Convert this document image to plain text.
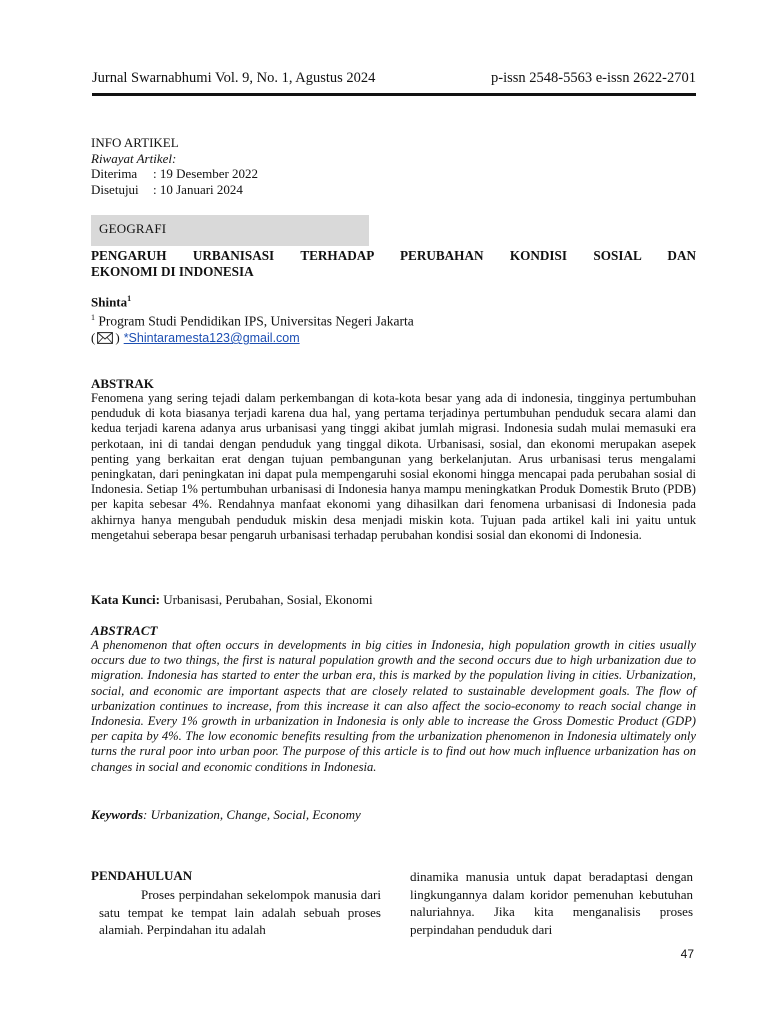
Jurnal Swarnabhumi Vol. 9, No. 1, Agustus 2024	p-issn 2548-5563 e-issn 2622-2701
INFO ARTIKEL
Riwayat Artikel:
Diterima : 19 Desember 2022
Disetujui : 10 Januari 2024
GEOGRAFI
PENGARUH URBANISASI TERHADAP PERUBAHAN KONDISI SOSIAL DAN
EKONOMI DI INDONESIA
Shinta$^1$
$^1$ Program Studi Pendidikan IPS, Universitas Negeri Jakarta
( ) *Shintaramesta123@gmail.com
ABSTRAK

Fenomena yang sering tejadi dalam perkembangan di kota-kota besar yang ada di indonesia, tingginya pertumbuhan penduduk di kota biasanya terjadi karena dua hal, yang pertama terjadinya pertumbuhan penduduk secara alami dan kedua terjadi karena adanya arus urbanisasi yang tinggi akibat jumlah migrasi. Indonesia sudah mulai memasuki era perkotaan, ini di tandai dengan penduduk yang tinggal dikota. Urbanisasi, sosial, dan ekonomi merupakan asepek penting yang berkaitan erat dengan tujuan pembangunan yang berkelanjutan. Arus urbanisasi terus mengalami peningkatan, dari peningkatan ini dapat pula mempengaruhi sosial ekonomi hingga mencapai pada perubahan sosial di Indonesia. Setiap 1% pertumbuhan urbanisasi di Indonesia hanya mampu meningkatkan Produk Domestik Bruto (PDB) per kapita sebesar 4%. Rendahnya manfaat ekonomi yang dihasilkan dari fenomena urbanisasi di Indonesia pada akhirnya hanya mengubah penduduk miskin desa menjadi miskin kota. Tujuan pada artikel kali ini yaitu untuk mengetahui seberapa besar pengaruh urbanisasi terhadap perubahan kondisi sosial dan ekonomi di Indonesia.

Kata Kunci: Urbanisasi, Perubahan, Sosial, Ekonomi
ABSTRACT

A phenomenon that often occurs in developments in big cities in Indonesia, high population growth in cities usually occurs due to two things, the first is natural population growth and the second occurs due to high urbanization due to migration. Indonesia has started to enter the urban era, this is marked by the population living in cities. Urbanization, social, and economic are important aspects that are closely related to sustainable development goals. The flow of urbanization continues to increase, from this increase it can also affect the socio-economy to reach social change in Indonesia. Every 1% growth in urbanization in Indonesia is only able to increase the Gross Domestic Product (GDP) per capita by 4%. The low economic benefits resulting from the urbanization phenomenon in Indonesia ultimately only turns the rural poor into urban poor. The purpose of this article is to find out how much influence urbanization has on changes in social and economic conditions in Indonesia.

Keywords: Urbanization, Change, Social, Economy
PENDAHULUAN

Proses perpindahan sekelompok manusia dari satu tempat ke tempat lain adalah sebuah proses alamiah. Perpindahan itu adalah

dinamika manusia untuk dapat beradaptasi dengan lingkungannya dalam koridor pemenuhan kebutuhan naluriahnya. Jika kita menganalisis proses perpindahan penduduk dari

47
